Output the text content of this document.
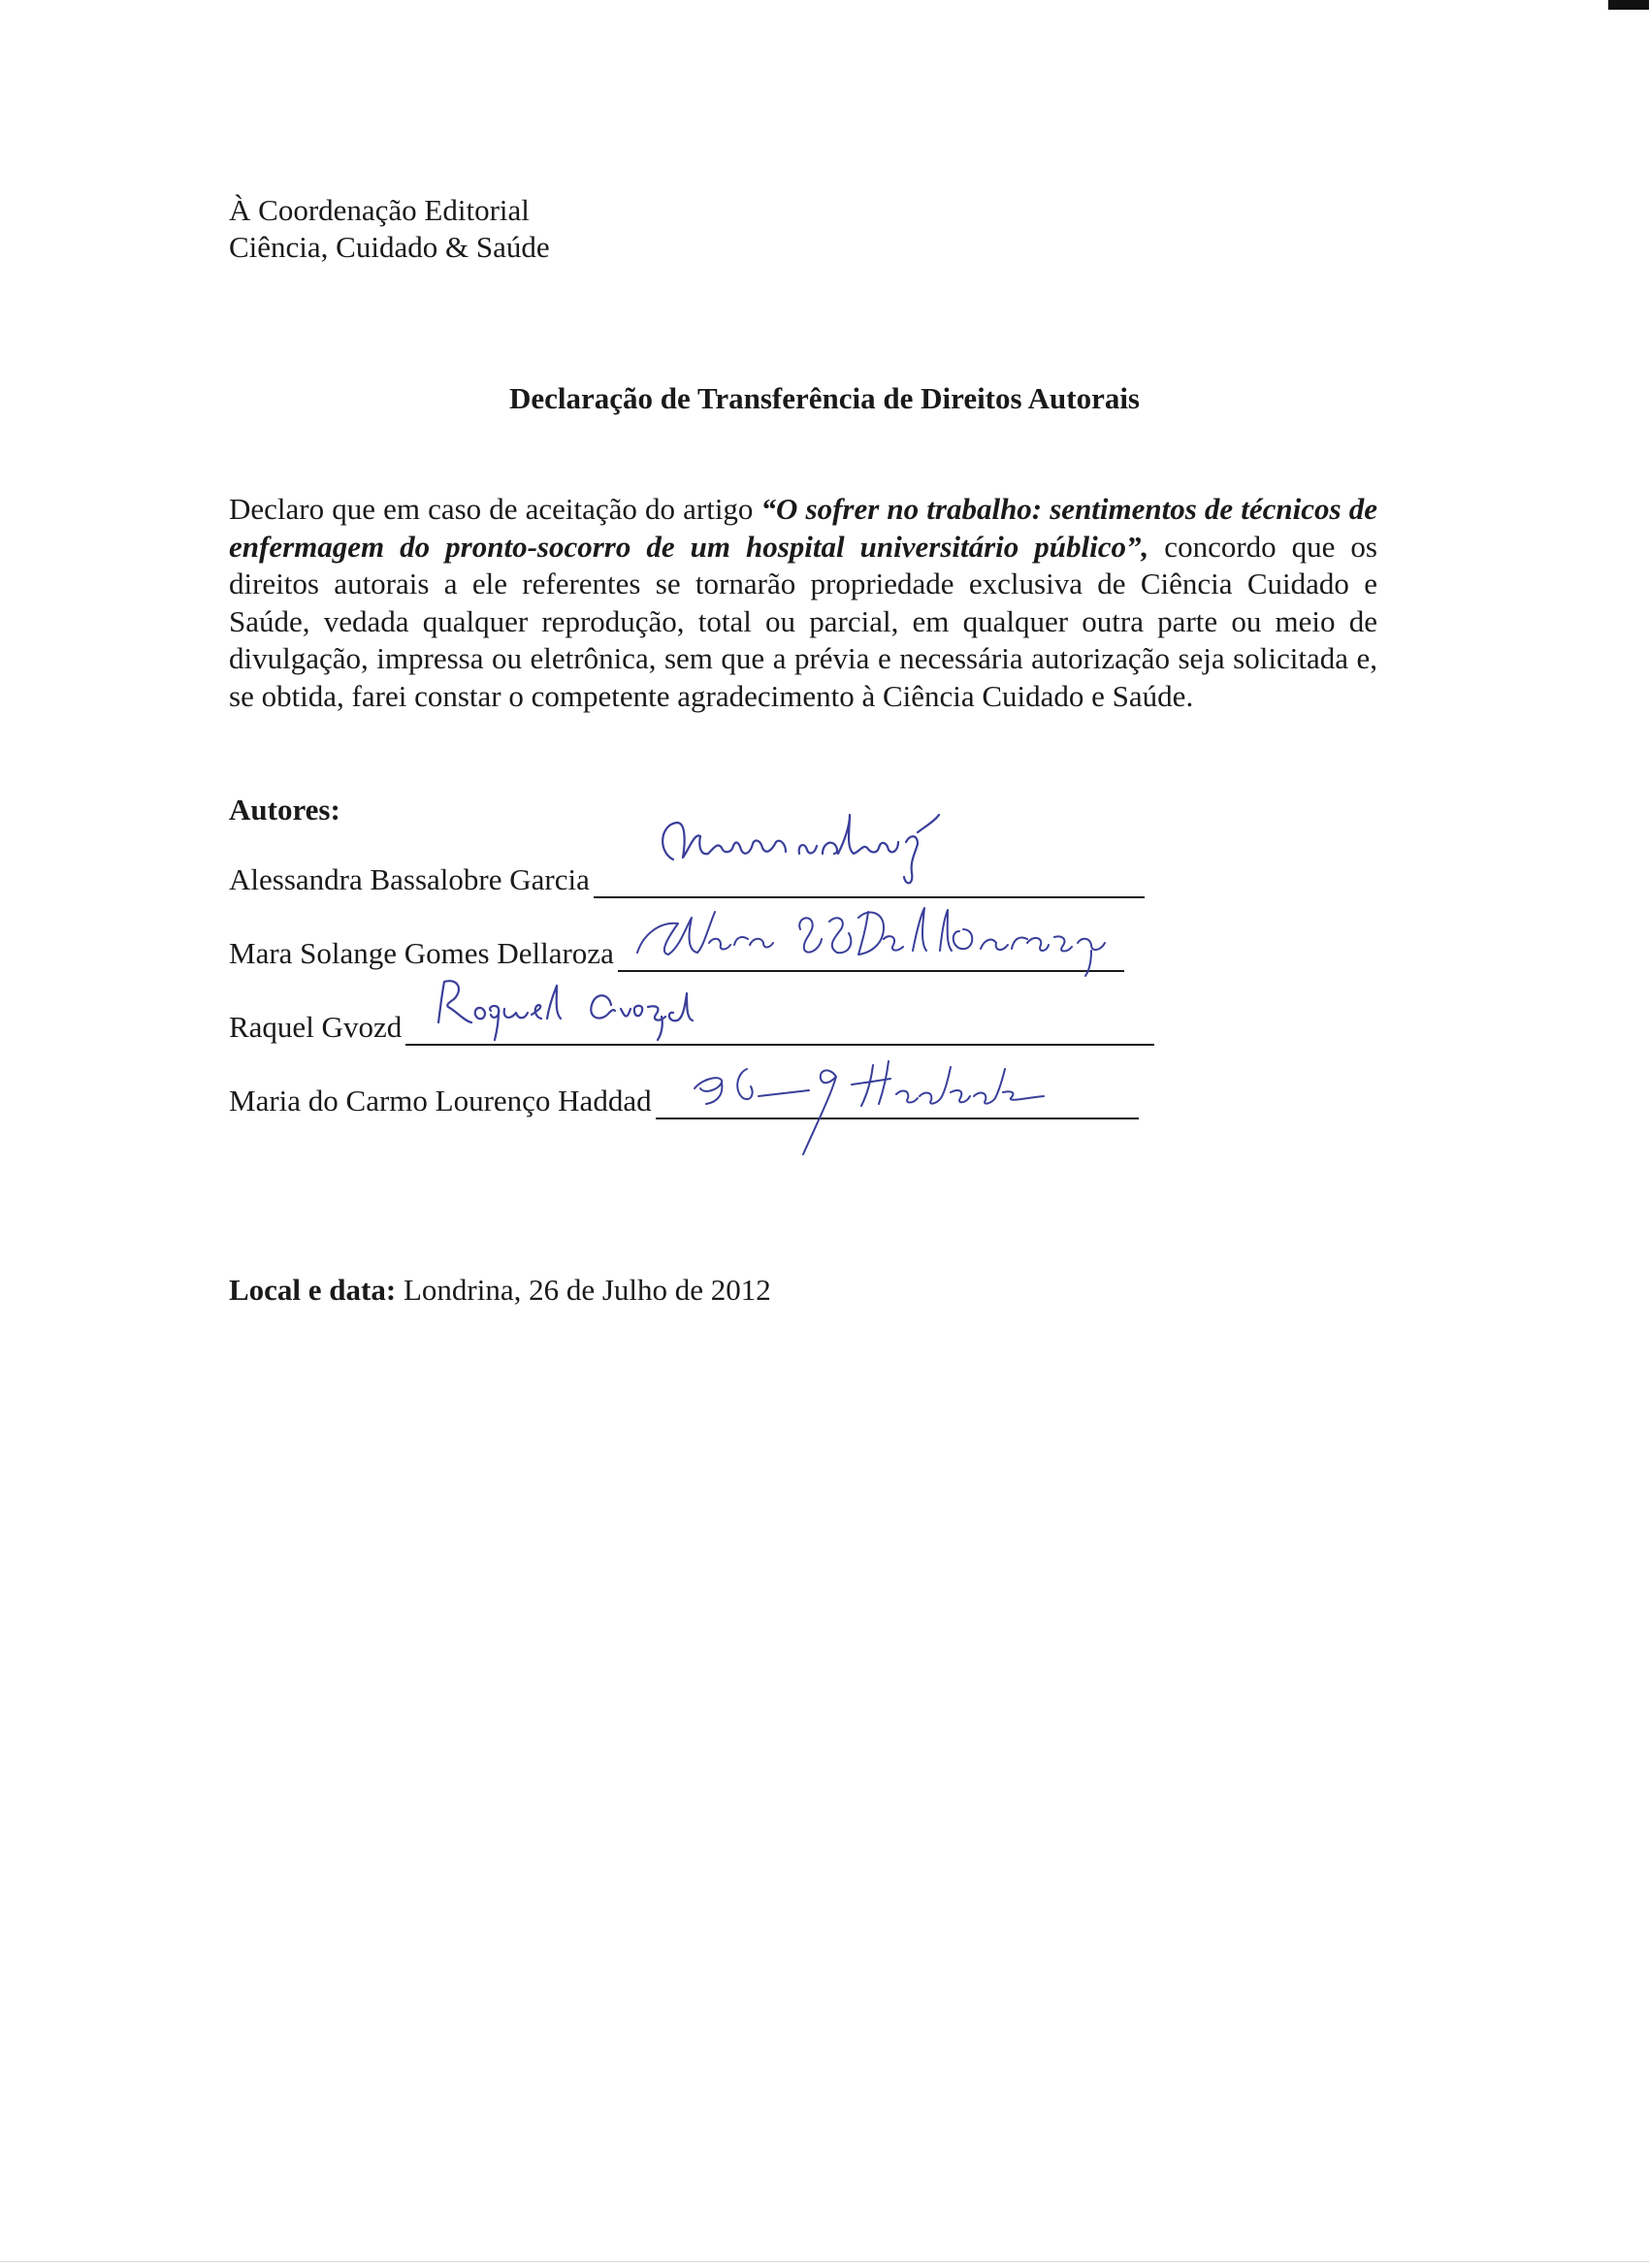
À Coordenação Editorial
Ciência, Cuidado & Saúde
Declaração de Transferência de Direitos Autorais

Declaro que em caso de aceitação do artigo “O sofrer no trabalho: sentimentos de técnicos de enfermagem do pronto-socorro de um hospital universitário público”, concordo que os direitos autorais a ele referentes se tornarão propriedade exclusiva de Ciência Cuidado e Saúde, vedada qualquer reprodução, total ou parcial, em qualquer outra parte ou meio de divulgação, impressa ou eletrônica, sem que a prévia e necessária autorização seja solicitada e, se obtida, farei constar o competente agradecimento à Ciência Cuidado e Saúde.

Autores:
Alessandra Bassalobre Garcia
Mara Solange Gomes Dellaroza
Raquel Gvozd
Maria do Carmo Lourenço Haddad
Local e data: Londrina, 26 de Julho de 2012
